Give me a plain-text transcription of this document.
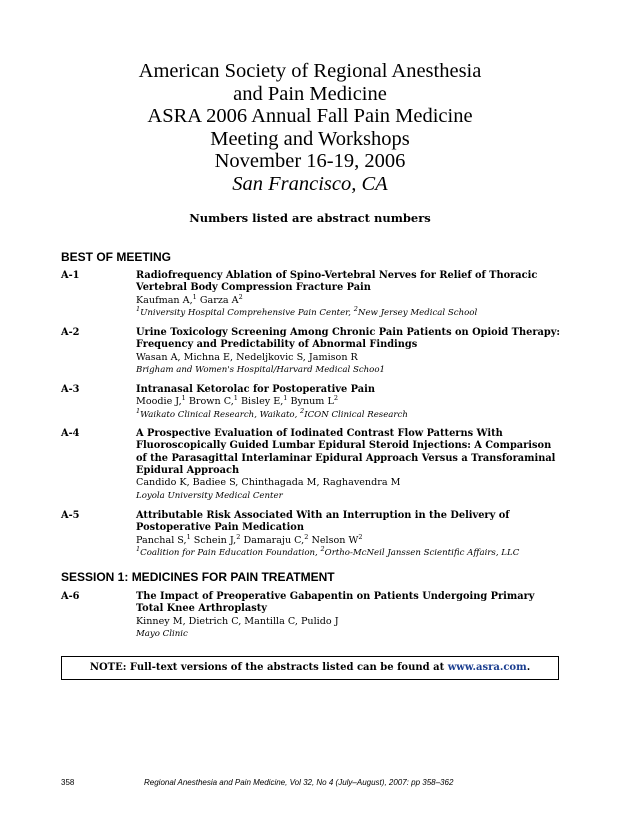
American Society of Regional Anesthesia
and Pain Medicine
ASRA 2006 Annual Fall Pain Medicine
Meeting and Workshops
November 16-19, 2006
San Francisco, CA
Numbers listed are abstract numbers
BEST OF MEETING
A-1	Radiofrequency Ablation of Spino-Vertebral Nerves for Relief of Thoracic Vertebral Body Compression Fracture Pain
Kaufman A,$^1$ Garza $A^2$
$^1$University Hospital Comprehensive Pain Center, $^2$New Jersey Medical School
A-2	Urine Toxicology Screening Among Chronic Pain Patients on Opioid Therapy: Frequency and Predictability of Abnormal Findings
Wasan A, Michna E, Nedeljkovic S, Jamison R
Brigham and Women's Hospital/Harvard Medical Schoo1
A-3	Intranasal Ketorolac for Postoperative Pain
Moodie J,$^1$ Brown C,$^1$ Bisley E,$^1$ Bynum $L^2$
$^1$Waikato Clinical Research, Waikato, $^2$ICON Clinical Research
A-4	A Prospective Evaluation of Iodinated Contrast Flow Patterns With Fluoroscopically Guided Lumbar Epidural Steroid Injections: A Comparison of the Parasagittal Interlaminar Epidural Approach Versus a Transforaminal Epidural Approach
Candido K, Badiee S, Chinthagada M, Raghavendra M
Loyola University Medical Center
A-5	Attributable Risk Associated With an Interruption in the Delivery of Postoperative Pain Medication
Panchal S,$^1$ Schein J,$^2$ Damaraju C,$^2$ Nelson $W^2$
$^1$Coalition for Pain Education Foundation, $^2$Ortho-McNeil Janssen Scientific Affairs, LLC
SESSION 1: MEDICINES FOR PAIN TREATMENT
A-6	The Impact of Preoperative Gabapentin on Patients Undergoing Primary Total Knee Arthroplasty
Kinney M, Dietrich C, Mantilla C, Pulido J
Mayo Clinic
NOTE: Full-text versions of the abstracts listed can be found at www.asra.com.
358	Regional Anesthesia and Pain Medicine, Vol 32, No 4 (July–August), 2007: pp 358–362
